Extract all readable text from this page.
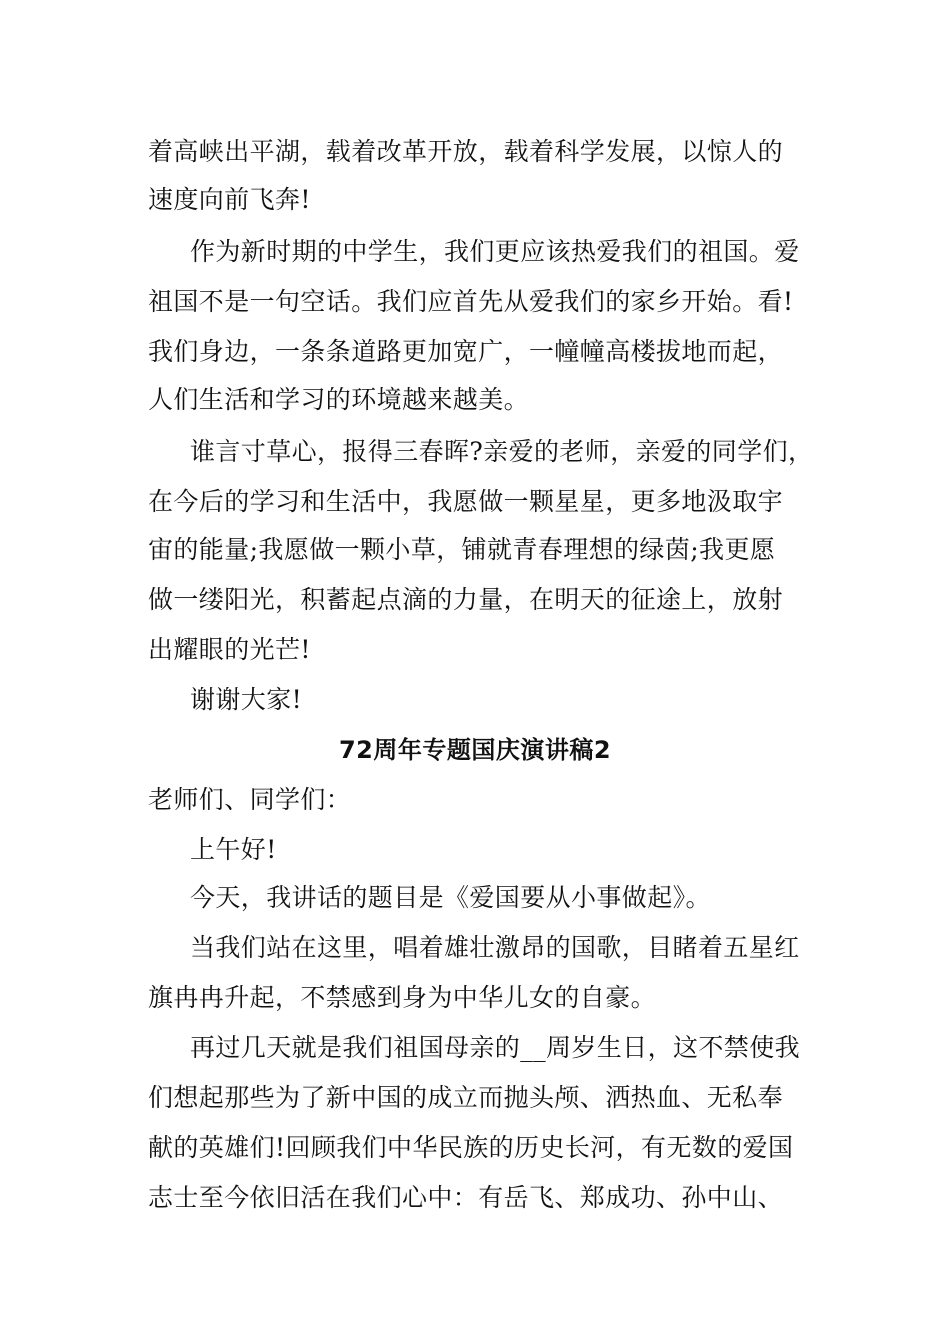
着高峡出平湖，载着改革开放，载着科学发展，以惊人的
速度向前飞奔!
作为新时期的中学生，我们更应该热爱我们的祖国。爱
祖国不是一句空话。我们应首先从爱我们的家乡开始。看!
我们身边，一条条道路更加宽广，一幢幢高楼拔地而起，
人们生活和学习的环境越来越美。
谁言寸草心，报得三春晖?亲爱的老师，亲爱的同学们，
在今后的学习和生活中，我愿做一颗星星，更多地汲取宇
宙的能量;我愿做一颗小草，铺就青春理想的绿茵;我更愿
做一缕阳光，积蓄起点滴的力量，在明天的征途上，放射
出耀眼的光芒!
谢谢大家!
72周年专题国庆演讲稿2
老师们、同学们：
上午好!
今天，我讲话的题目是《爱国要从小事做起》。
当我们站在这里，唱着雄壮激昂的国歌，目睹着五星红
旗冉冉升起，不禁感到身为中华儿女的自豪。
再过几天就是我们祖国母亲的__周岁生日，这不禁使我
们想起那些为了新中国的成立而抛头颅、洒热血、无私奉
献的英雄们!回顾我们中华民族的历史长河，有无数的爱国
志士至今依旧活在我们心中：有岳飞、郑成功、孙中山、
